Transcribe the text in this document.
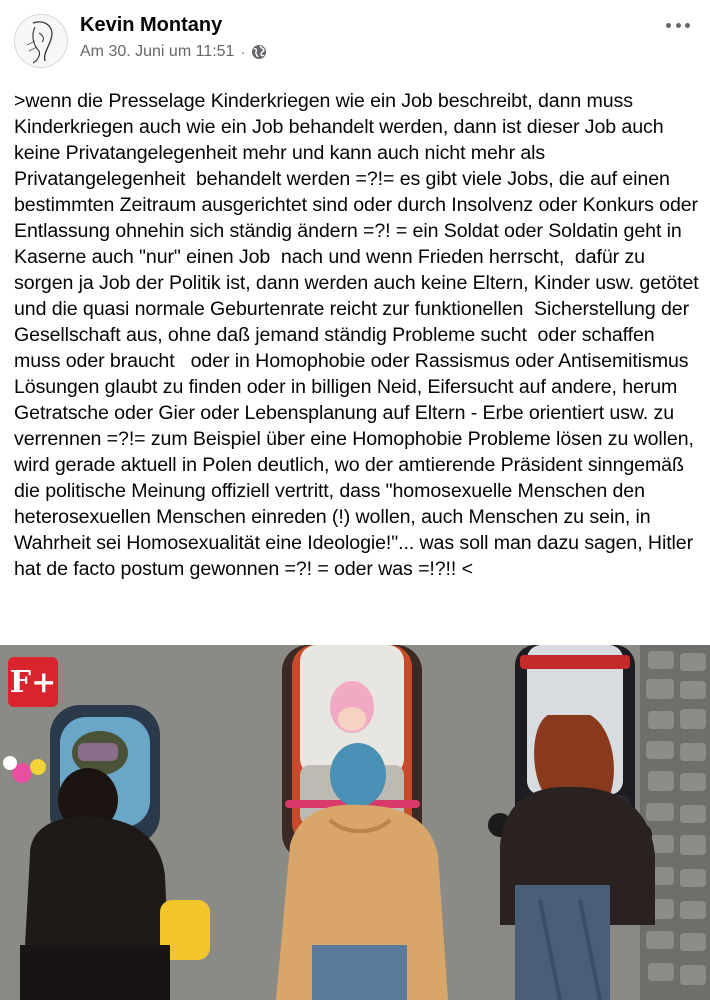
Kevin Montany
Am 30. Juni um 11:51 ·
>wenn die Presselage Kinderkriegen wie ein Job beschreibt, dann muss Kinderkriegen auch wie ein Job behandelt werden, dann ist dieser Job auch keine Privatangelegenheit mehr und kann auch nicht mehr als Privatangelegenheit  behandelt werden =?!= es gibt viele Jobs, die auf einen bestimmten Zeitraum ausgerichtet sind oder durch Insolvenz oder Konkurs oder Entlassung ohnehin sich ständig ändern =?! = ein Soldat oder Soldatin geht in Kaserne auch "nur" einen Job  nach und wenn Frieden herrscht,  dafür zu sorgen ja Job der Politik ist, dann werden auch keine Eltern, Kinder usw. getötet und die quasi normale Geburtenrate reicht zur funktionellen  Sicherstellung der Gesellschaft aus, ohne daß jemand ständig Probleme sucht  oder schaffen muss oder braucht   oder in Homophobie oder Rassismus oder Antisemitismus Lösungen glaubt zu finden oder in billigen Neid, Eifersucht auf andere, herum Getratsche oder Gier oder Lebensplanung auf Eltern - Erbe orientiert usw. zu verrennen =?!= zum Beispiel über eine Homophobie Probleme lösen zu wollen, wird gerade aktuell in Polen deutlich, wo der amtierende Präsident sinngemäß die politische Meinung offiziell vertritt, dass "homosexuelle Menschen den heterosexuellen Menschen einreden (!) wollen, auch Menschen zu sein, in Wahrheit sei Homosexualität eine Ideologie!"... was soll man dazu sagen, Hitler hat de facto postum gewonnen =?! = oder was =!?!! <
F+
